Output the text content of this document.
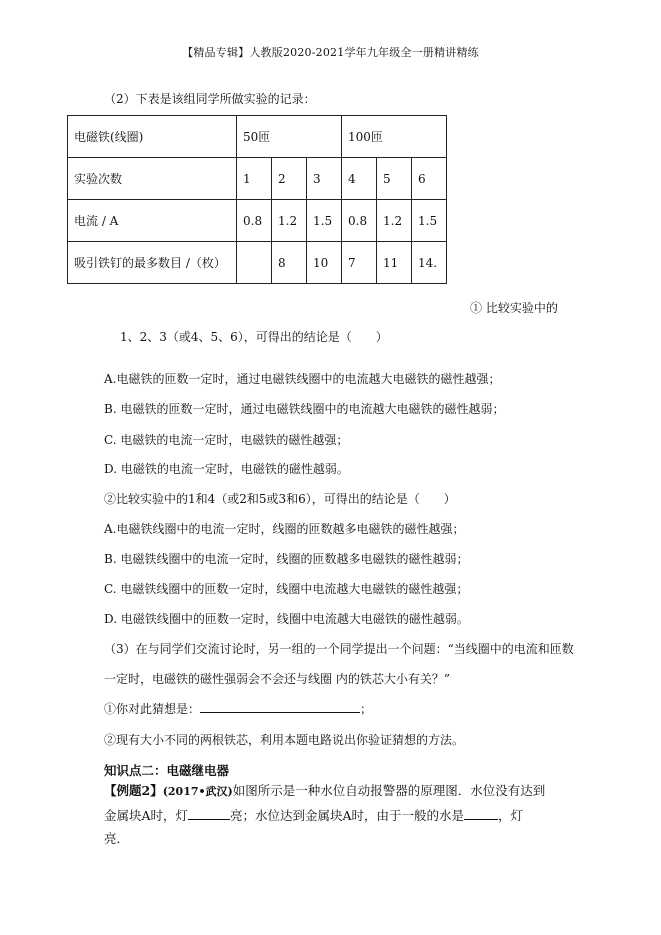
【精品专辑】人教版2020-2021学年九年级全一册精讲精练
（2）下表是该组同学所做实验的记录：
电磁铁(线圈)	50匝			100匝		
实验次数	1	2	3	4	5	6
电流 / A	0.8	1.2	1.5	0.8	1.2	1.5
吸引铁钉的最多数目 /（枚）		8	10	7	11	14.
① 比较实验中的
1、2、3（或4、5、6），可得出的结论是（　　）
A.电磁铁的匝数一定时，通过电磁铁线圈中的电流越大电磁铁的磁性越强；
B. 电磁铁的匝数一定时，通过电磁铁线圈中的电流越大电磁铁的磁性越弱；
C. 电磁铁的电流一定时，电磁铁的磁性越强；
D. 电磁铁的电流一定时，电磁铁的磁性越弱。
②比较实验中的1和4（或2和5或3和6），可得出的结论是（　　）
A.电磁铁线圈中的电流一定时，线圈的匝数越多电磁铁的磁性越强；
B. 电磁铁线圈中的电流一定时，线圈的匝数越多电磁铁的磁性越弱；
C. 电磁铁线圈中的匝数一定时，线圈中电流越大电磁铁的磁性越强；
D. 电磁铁线圈中的匝数一定时，线圈中电流越大电磁铁的磁性越弱。
（3）在与同学们交流讨论时，另一组的一个同学提出一个问题：“当线圈中的电流和匝数
一定时，电磁铁的磁性强弱会不会还与线圈 内的铁芯大小有关？”
①你对此猜想是：	；
②现有大小不同的两根铁芯，利用本题电路说出你验证猜想的方法。
知识点二：电磁继电器
【例题2】(2017•武汉)如图所示是一种水位自动报警器的原理图．水位没有达到
金属块A时，灯	亮；水位达到金属块A时，由于一般的水是	，灯
亮．
